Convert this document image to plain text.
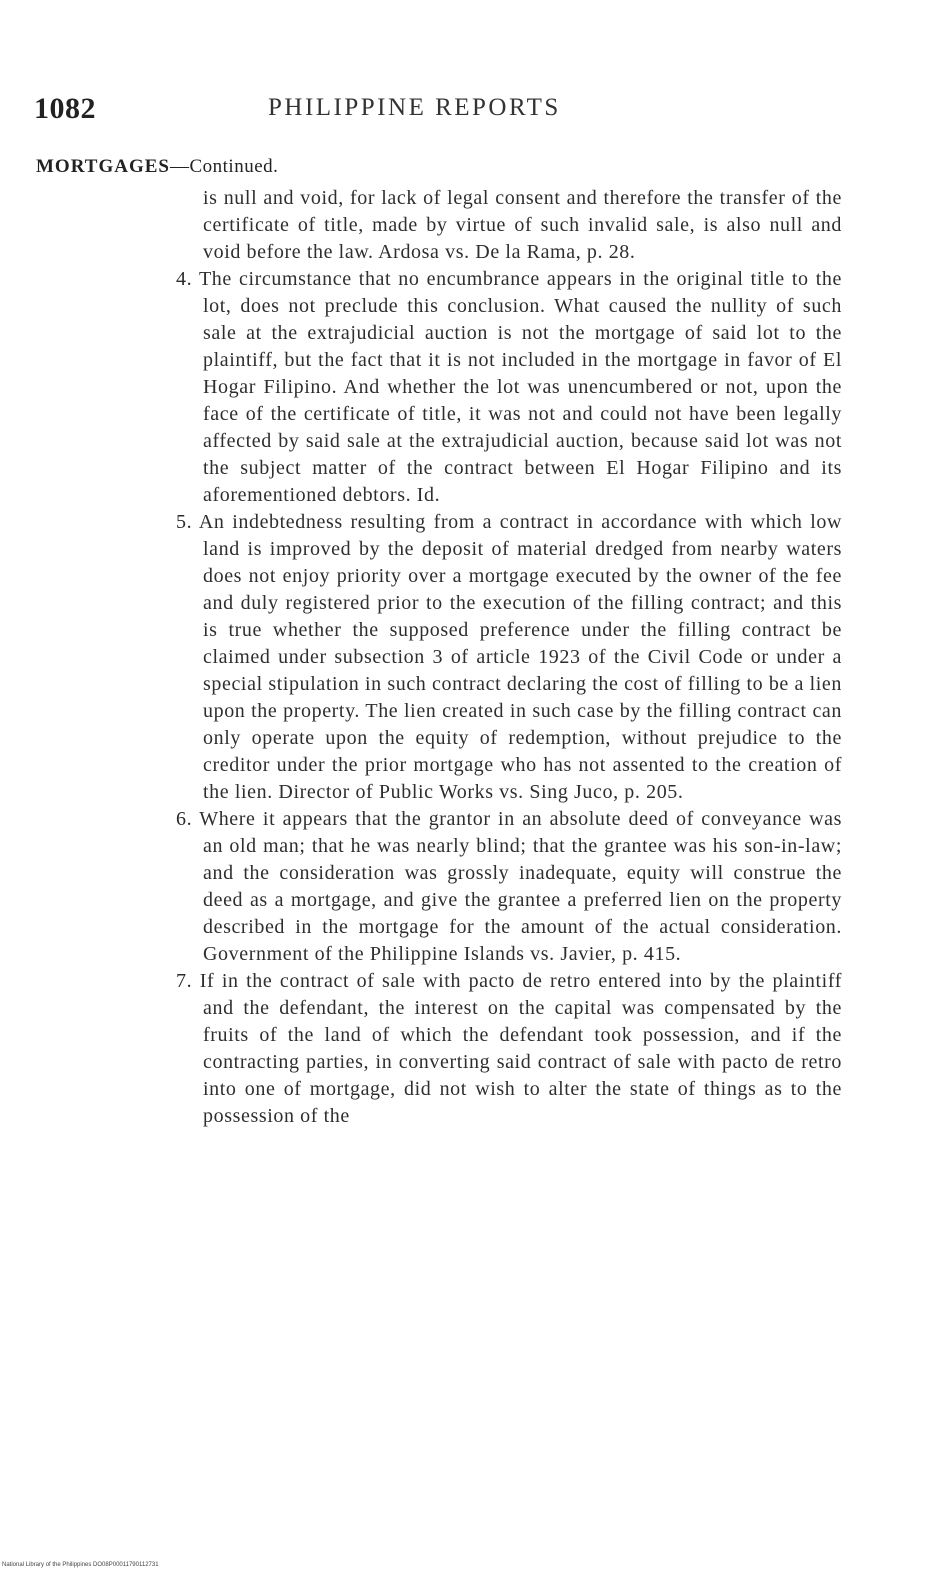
1082	PHILIPPINE REPORTS
MORTGAGES—Continued.

is null and void, for lack of legal consent and therefore the transfer of the certificate of title, made by virtue of such invalid sale, is also null and void before the law. Ardosa vs. De la Rama, p. 28.

4. The circumstance that no encumbrance appears in the original title to the lot, does not preclude this conclusion. What caused the nullity of such sale at the extrajudicial auction is not the mortgage of said lot to the plaintiff, but the fact that it is not included in the mortgage in favor of El Hogar Filipino. And whether the lot was unencumbered or not, upon the face of the certificate of title, it was not and could not have been legally affected by said sale at the extrajudicial auction, because said lot was not the subject matter of the contract between El Hogar Filipino and its aforementioned debtors. Id.

5. An indebtedness resulting from a contract in accordance with which low land is improved by the deposit of material dredged from nearby waters does not enjoy priority over a mortgage executed by the owner of the fee and duly registered prior to the execution of the filling contract; and this is true whether the supposed preference under the filling contract be claimed under subsection 3 of article 1923 of the Civil Code or under a special stipulation in such contract declaring the cost of filling to be a lien upon the property. The lien created in such case by the filling contract can only operate upon the equity of redemption, without prejudice to the creditor under the prior mortgage who has not assented to the creation of the lien. Director of Public Works vs. Sing Juco, p. 205.

6. Where it appears that the grantor in an absolute deed of conveyance was an old man; that he was nearly blind; that the grantee was his son-in-law; and the consideration was grossly inadequate, equity will construe the deed as a mortgage, and give the grantee a preferred lien on the property described in the mortgage for the amount of the actual consideration. Government of the Philippine Islands vs. Javier, p. 415.

7. If in the contract of sale with pacto de retro entered into by the plaintiff and the defendant, the interest on the capital was compensated by the fruits of the land of which the defendant took possession, and if the contracting parties, in converting said contract of sale with pacto de retro into one of mortgage, did not wish to alter the state of things as to the possession of the

National Library of the Philippines DO08P00011790112731
